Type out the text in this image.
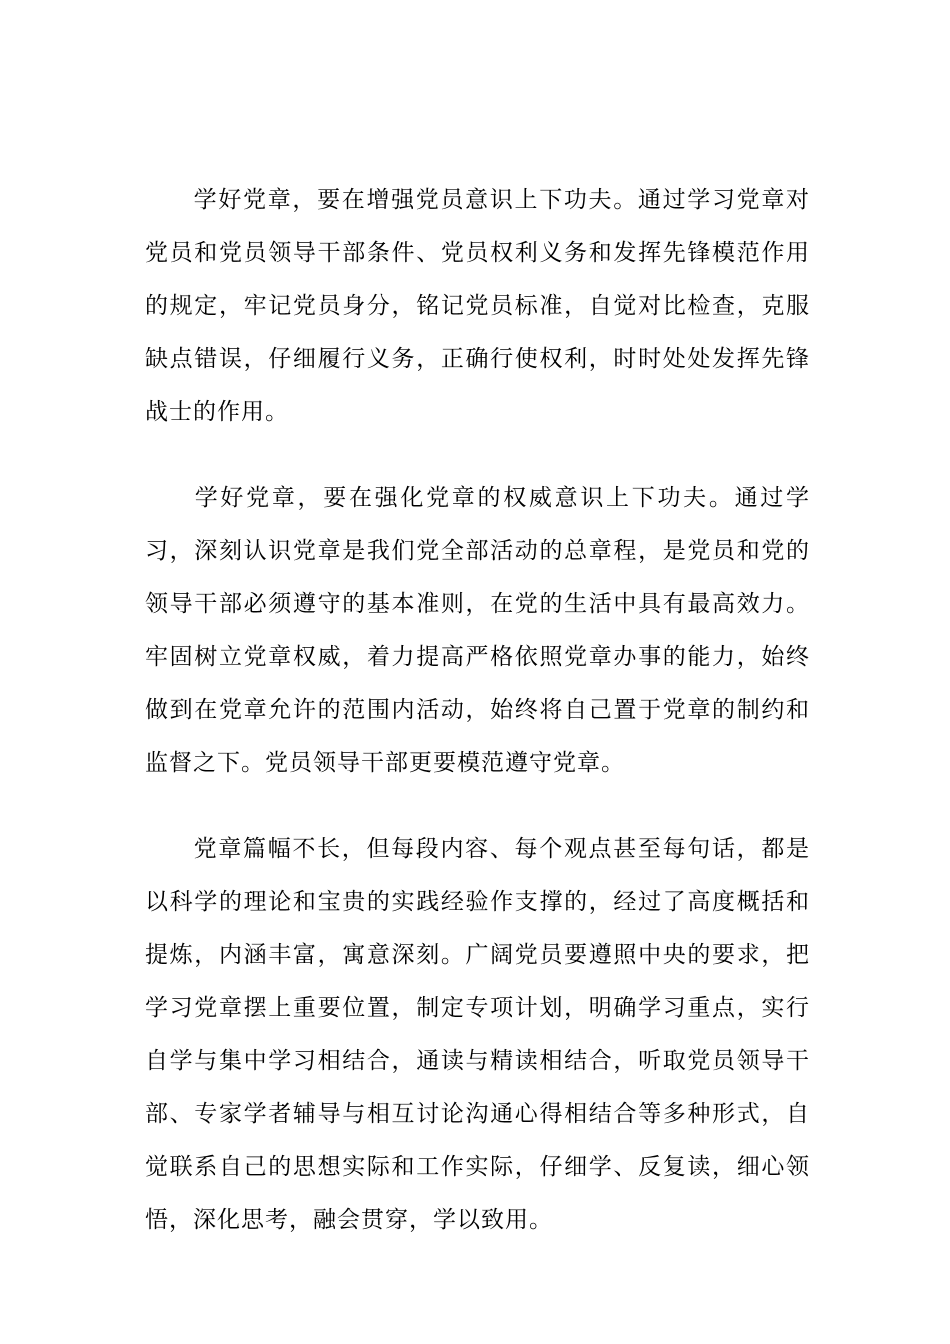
学好党章，要在增强党员意识上下功夫。通过学习党章对党员和党员领导干部条件、党员权利义务和发挥先锋模范作用的规定，牢记党员身分，铭记党员标准，自觉对比检查，克服缺点错误，仔细履行义务，正确行使权利，时时处处发挥先锋战士的作用。

学好党章，要在强化党章的权威意识上下功夫。通过学习，深刻认识党章是我们党全部活动的总章程，是党员和党的领导干部必须遵守的基本准则，在党的生活中具有最高效力。牢固树立党章权威，着力提高严格依照党章办事的能力，始终做到在党章允许的范围内活动，始终将自己置于党章的制约和监督之下。党员领导干部更要模范遵守党章。

党章篇幅不长，但每段内容、每个观点甚至每句话，都是以科学的理论和宝贵的实践经验作支撑的，经过了高度概括和提炼，内涵丰富，寓意深刻。广阔党员要遵照中央的要求，把学习党章摆上重要位置，制定专项计划，明确学习重点，实行自学与集中学习相结合，通读与精读相结合，听取党员领导干部、专家学者辅导与相互讨论沟通心得相结合等多种形式，自觉联系自己的思想实际和工作实际，仔细学、反复读，细心领悟，深化思考，融会贯穿，学以致用。
